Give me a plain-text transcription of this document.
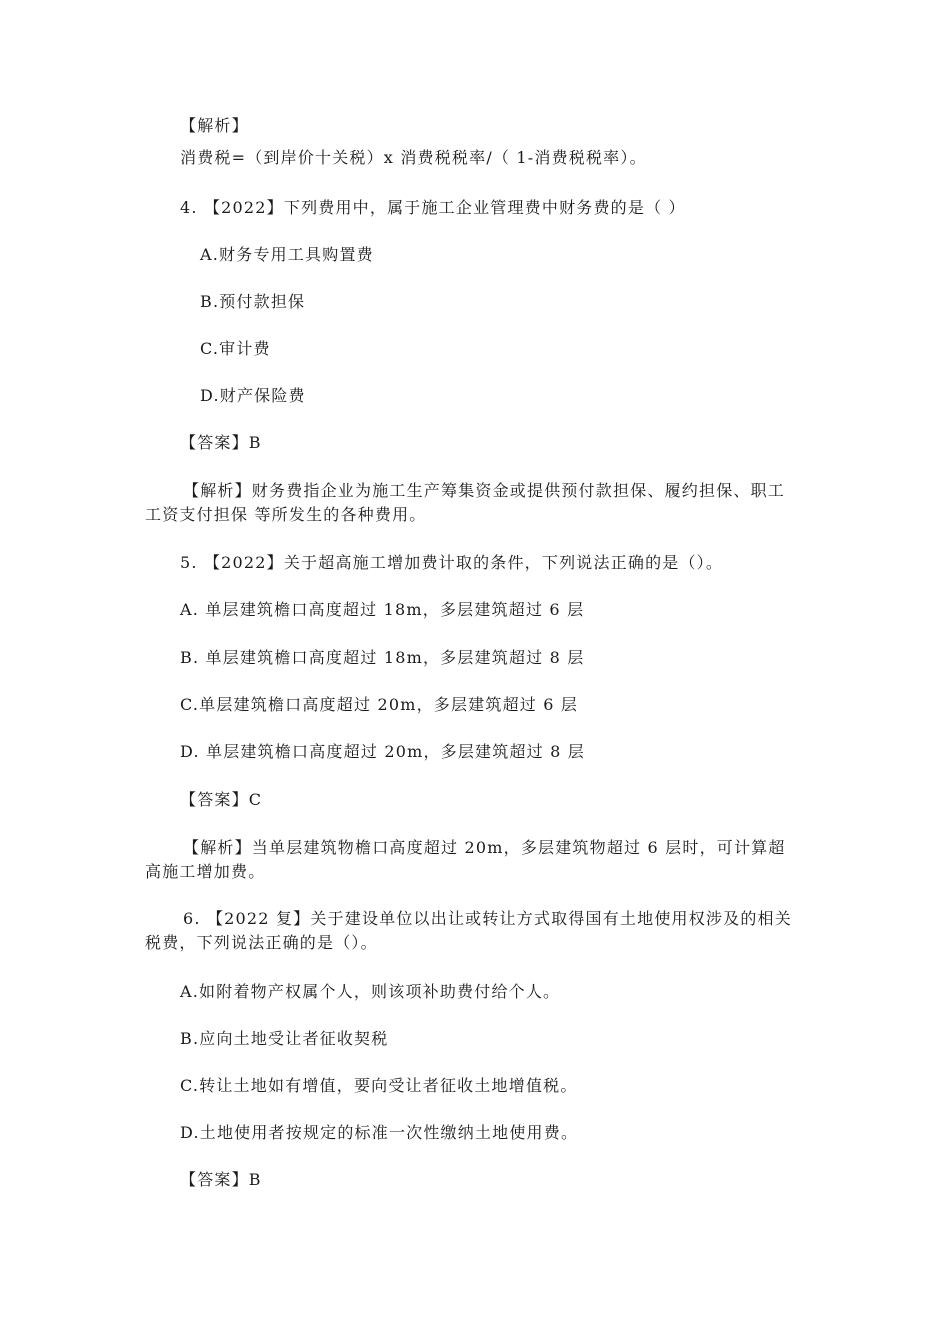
【解析】
消费税=（到岸价十关税）x 消费税税率/（ 1-消费税税率）。
4. 【2022】下列费用中，属于施工企业管理费中财务费的是（ ）
A.财务专用工具购置费
B.预付款担保
C.审计费
D.财产保险费
【答案】B
【解析】财务费指企业为施工生产筹集资金或提供预付款担保、履约担保、职工工资支付担保 等所发生的各种费用。
5. 【2022】关于超高施工增加费计取的条件，下列说法正确的是（）。
A. 单层建筑檐口高度超过 18m，多层建筑超过 6 层
B. 单层建筑檐口高度超过 18m，多层建筑超过 8 层
C.单层建筑檐口高度超过 20m，多层建筑超过 6 层
D. 单层建筑檐口高度超过 20m，多层建筑超过 8 层
【答案】C
【解析】当单层建筑物檐口高度超过 20m，多层建筑物超过 6 层时，可计算超高施工增加费。
6. 【2022 复】关于建设单位以出让或转让方式取得国有土地使用权涉及的相关税费，下列说法正确的是（）。
A.如附着物产权属个人，则该项补助费付给个人。
B.应向土地受让者征收契税
C.转让土地如有增值，要向受让者征收土地增值税。
D.土地使用者按规定的标准一次性缴纳土地使用费。
【答案】B
